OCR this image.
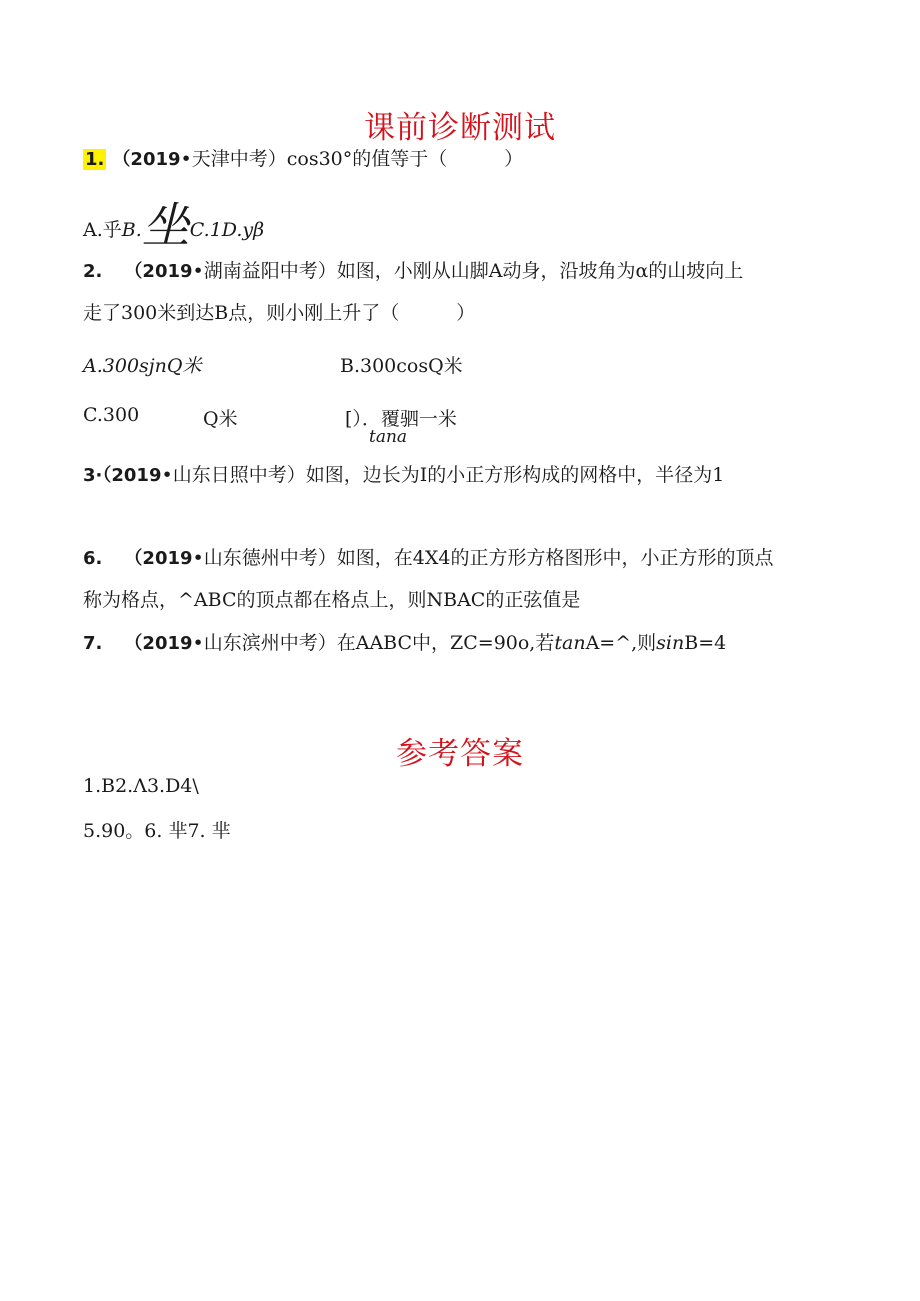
课前诊断测试
1. （2019•天津中考）cos30°的值等于（　　　）
A.乎B.坐C.1D.yβ
2. （2019•湖南益阳中考）如图，小刚从山脚A动身，沿坡角为α的山坡向上
走了300米到达B点，则小刚上升了（　　　）
A.300sjnQ米	B.300cosQ米
C.300	Q米	[）．覆驷一米
tana
3·（2019•山东日照中考）如图，边长为I的小正方形构成的网格中，半径为1
6. （2019•山东德州中考）如图，在4X4的正方形方格图形中，小正方形的顶点
称为格点，^ABC的顶点都在格点上，则NBAC的正弦值是
7. （2019•山东滨州中考）在AABC中，ZC=90o,若tanA=^,则sinB=4
参考答案
1.B2.Λ3.D4\
5.90。6. 芈7. 芈
